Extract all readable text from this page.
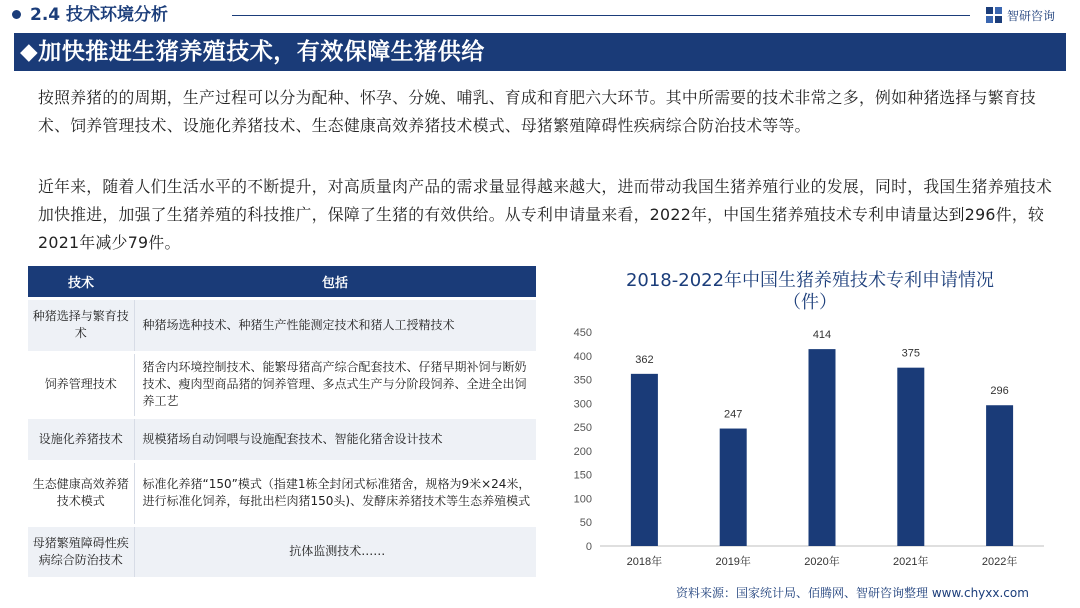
2.4 技术环境分析	智研咨询
◆加快推进生猪养殖技术，有效保障生猪供给
按照养猪的的周期，生产过程可以分为配种、怀孕、分娩、哺乳、育成和育肥六大环节。其中所需要的技术非常之多，例如种猪选择与繁育技术、饲养管理技术、设施化养猪技术、生态健康高效养猪技术模式、母猪繁殖障碍性疾病综合防治技术等等。
近年来，随着人们生活水平的不断提升，对高质量肉产品的需求量显得越来越大，进而带动我国生猪养殖行业的发展，同时，我国生猪养殖技术加快推进，加强了生猪养殖的科技推广，保障了生猪的有效供给。从专利申请量来看，2022年，中国生猪养殖技术专利申请量达到296件，较2021年减少79件。
技术	包括
种猪选择与繁育技术	种猪场选种技术、种猪生产性能测定技术和猪人工授精技术
饲养管理技术	猪舍内环境控制技术、能繁母猪高产综合配套技术、仔猪早期补饲与断奶技术、瘦肉型商品猪的饲养管理、多点式生产与分阶段饲养、全进全出饲养工艺
设施化养猪技术	规模猪场自动饲喂与设施配套技术、智能化猪舍设计技术
生态健康高效养猪技术模式	标准化养猪“150”模式（指建1栋全封闭式标准猪舍，规格为9米×24米，进行标准化饲养，每批出栏肉猪150头)、发酵床养猪技术等生态养殖模式
母猪繁殖障碍性疾病综合防治技术	抗体监测技术……
2018-2022年中国生猪养殖技术专利申请情况
（件）
0
50
100
150
200
250
300
350
400
450
362
2018年
247
2019年
414
2020年
375
2021年
296
2022年
资料来源：国家统计局、佰腾网、智研咨询整理 www.chyxx.com
